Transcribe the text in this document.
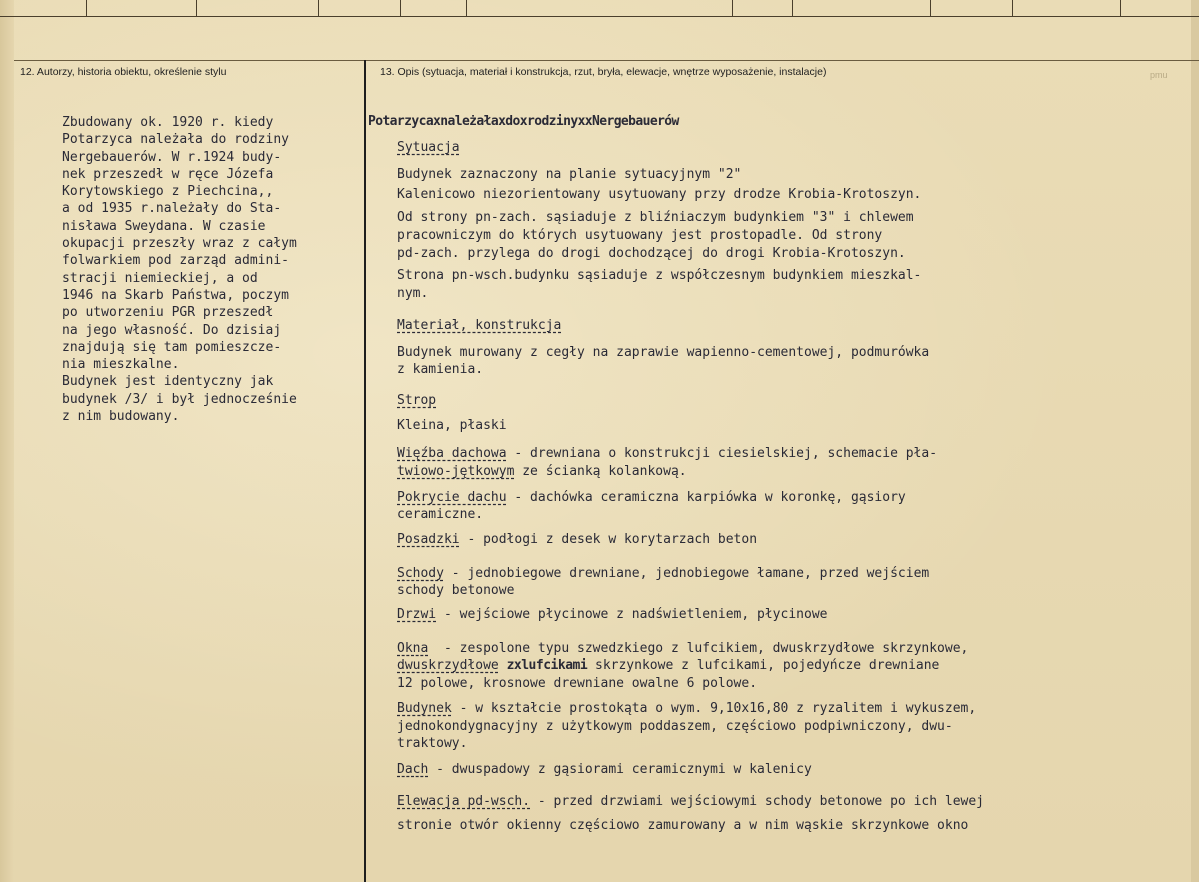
12. Autorzy, historia obiektu, określenie stylu	13. Opis (sytuacja, materiał i konstrukcja, rzut, bryła, elewacje, wnętrze wyposażenie, instalacje)	pmu
Zbudowany ok. 1920 r. kiedy
Potarzyca należała do rodziny
Nergebauerów. W r.1924 budy-
nek przeszedł w ręce Józefa
Korytowskiego z Piechcina,,
a od 1935 r.należały do Sta-
nisława Sweydana. W czasie
okupacji przeszły wraz z całym
folwarkiem pod zarząd admini-
stracji niemieckiej, a od
1946 na Skarb Państwa, poczym
po utworzeniu PGR przeszedł
na jego własność. Do dzisiaj
znajdują się tam pomieszcze-
nia mieszkalne.
Budynek jest identyczny jak
budynek /3/ i był jednocześnie
z nim budowany.
PotarzycaxnależałaxdoxrodzinyxxNergebauerów
Sytuacja
Budynek zaznaczony na planie sytuacyjnym "2"
Kalenicowo niezorientowany usytuowany przy drodze Krobia-Krotoszyn.
Od strony pn-zach. sąsiaduje z bliźniaczym budynkiem "3" i chlewem
pracowniczym do których usytuowany jest prostopadle. Od strony
pd-zach. przylega do drogi dochodzącej do drogi Krobia-Krotoszyn.
Strona pn-wsch.budynku sąsiaduje z współczesnym budynkiem mieszkal-
nym.
Materiał, konstrukcja
Budynek murowany z cegły na zaprawie wapienno-cementowej, podmurówka
z kamienia.
Strop
Kleina, płaski
Więźba dachowa - drewniana o konstrukcji ciesielskiej, schemacie pła-
twiowo-jętkowym ze ścianką kolankową.
Pokrycie dachu - dachówka ceramiczna karpiówka w koronkę, gąsiory
ceramiczne.
Posadzki - podłogi z desek w korytarzach beton
Schody - jednobiegowe drewniane, jednobiegowe łamane, przed wejściem
schody betonowe
Drzwi - wejściowe płycinowe z nadświetleniem, płycinowe
Okna  - zespolone typu szwedzkiego z lufcikiem, dwuskrzydłowe skrzynkowe,
dwuskrzydłowe zxlufcikami skrzynkowe z lufcikami, pojedyńcze drewniane
12 polowe, krosnowe drewniane owalne 6 polowe.
Budynek - w kształcie prostokąta o wym. 9,10x16,80 z ryzalitem i wykuszem,
jednokondygnacyjny z użytkowym poddaszem, częściowo podpiwniczony, dwu-
traktowy.
Dach - dwuspadowy z gąsiorami ceramicznymi w kalenicy
Elewacja pd-wsch. - przed drzwiami wejściowymi schody betonowe po ich lewej
stronie otwór okienny częściowo zamurowany a w nim wąskie skrzynkowe okno
